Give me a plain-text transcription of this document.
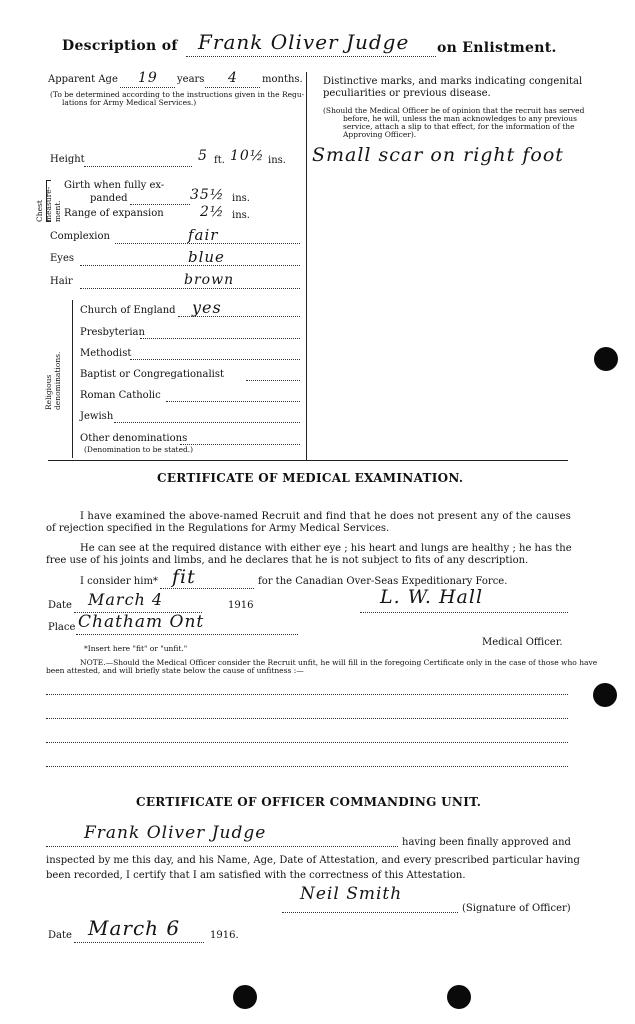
Description of Frank Oliver Judge on Enlistment.
Apparent Age 19 years 4 months.
(To be determined according to the instructions given in the Regu-
lations for Army Medical Services.)
Distinctive marks, and marks indicating congenital
peculiarities or previous disease.
(Should the Medical Officer be of opinion that the recruit has served
before, he will, unless the man acknowledges to any previous
service, attach a slip to that effect, for the information of the
Approving Officer).
Small scar on right foot
Height	5 ft. 10½ ins.
Chest measure- ment.
Girth when fully ex-
panded	35½ ins.
Range of expansion	2½ ins.
Complexion	fair
Eyes	blue
Hair	brown
Religious denominations.
Church of England yes
Presbyterian
Methodist
Baptist or Congregationalist
Roman Catholic
Jewish
Other denominations
(Denomination to be stated.)
CERTIFICATE OF MEDICAL EXAMINATION.
I have examined the above-named Recruit and find that he does not present any of the causes
of rejection specified in the Regulations for Army Medical Services.
He can see at the required distance with either eye ; his heart and lungs are healthy ; he has the
free use of his joints and limbs, and he declares that he is not subject to fits of any description.
I consider him* fit	for the Canadian Over-Seas Expeditionary Force.
Date March 4	1916	L. W. Hall
Place Chatham Ont
Medical Officer.
*Insert here "fit" or "unfit."
NOTE.—Should the Medical Officer consider the Recruit unfit, he will fill in the foregoing Certificate only in the case of those who have
been attested, and will briefly state below the cause of unfitness :—
CERTIFICATE OF OFFICER COMMANDING UNIT.
Frank Oliver Judge	having been finally approved and
inspected by me this day, and his Name, Age, Date of Attestation, and every prescribed particular having
been recorded, I certify that I am satisfied with the correctness of this Attestation.
Neil Smith
(Signature of Officer)
Date March 6	1916.
